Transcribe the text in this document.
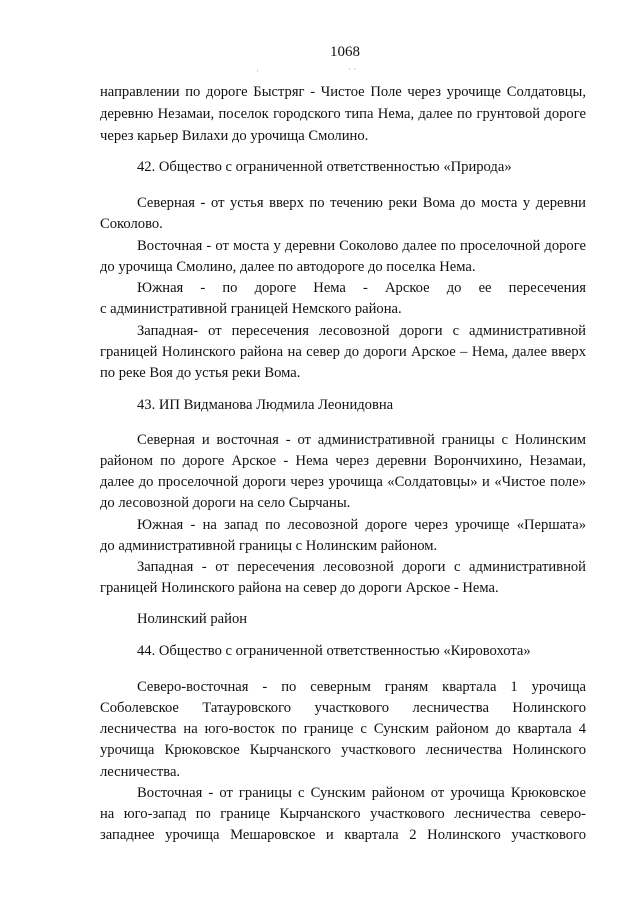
·	· ·
1068
направлении по дороге Быстряг - Чистое Поле через урочище Солдатовцы,
деревню Незамаи, поселок городского типа Нема, далее по грунтовой дороге
через карьер Вилахи до урочища Смолино.
42. Общество с ограниченной ответственностью «Природа»
Северная - от устья вверх по течению реки Вома до моста у деревни
Соколово.
Восточная - от моста у деревни Соколово далее по проселочной дороге
до урочища Смолино, далее по автодороге до поселка Нема.
Южная - по дороге Нема - Арское до ее пересечения
с административной границей Немского района.
Западная- от пересечения лесовозной дороги с административной
границей Нолинского района на север до дороги Арское – Нема, далее вверх
по реке Воя до устья реки Вома.
43. ИП Видманова Людмила Леонидовна
Северная и восточная - от административной границы с Нолинским
районом по дороге Арское - Нема через деревни Ворончихино, Незамаи,
далее до проселочной дороги через урочища «Солдатовцы» и «Чистое поле»
до лесовозной дороги на село Сырчаны.
Южная - на запад по лесовозной дороге через урочище «Першата»
до административной границы с Нолинским районом.
Западная - от пересечения лесовозной дороги с административной
границей Нолинского района на север до дороги Арское - Нема.
Нолинский район
44. Общество с ограниченной ответственностью «Кировохота»
Северо-восточная - по северным граням квартала 1 урочища
Соболевское Татауровского участкового лесничества Нолинского
лесничества на юго-восток по границе с Сунским районом до квартала 4
урочища Крюковское Кырчанского участкового лесничества Нолинского
лесничества.
Восточная - от границы с Сунским районом от урочища Крюковское
на юго-запад по границе Кырчанского участкового лесничества северо-
западнее урочища Мешаровское и квартала 2 Нолинского участкового
